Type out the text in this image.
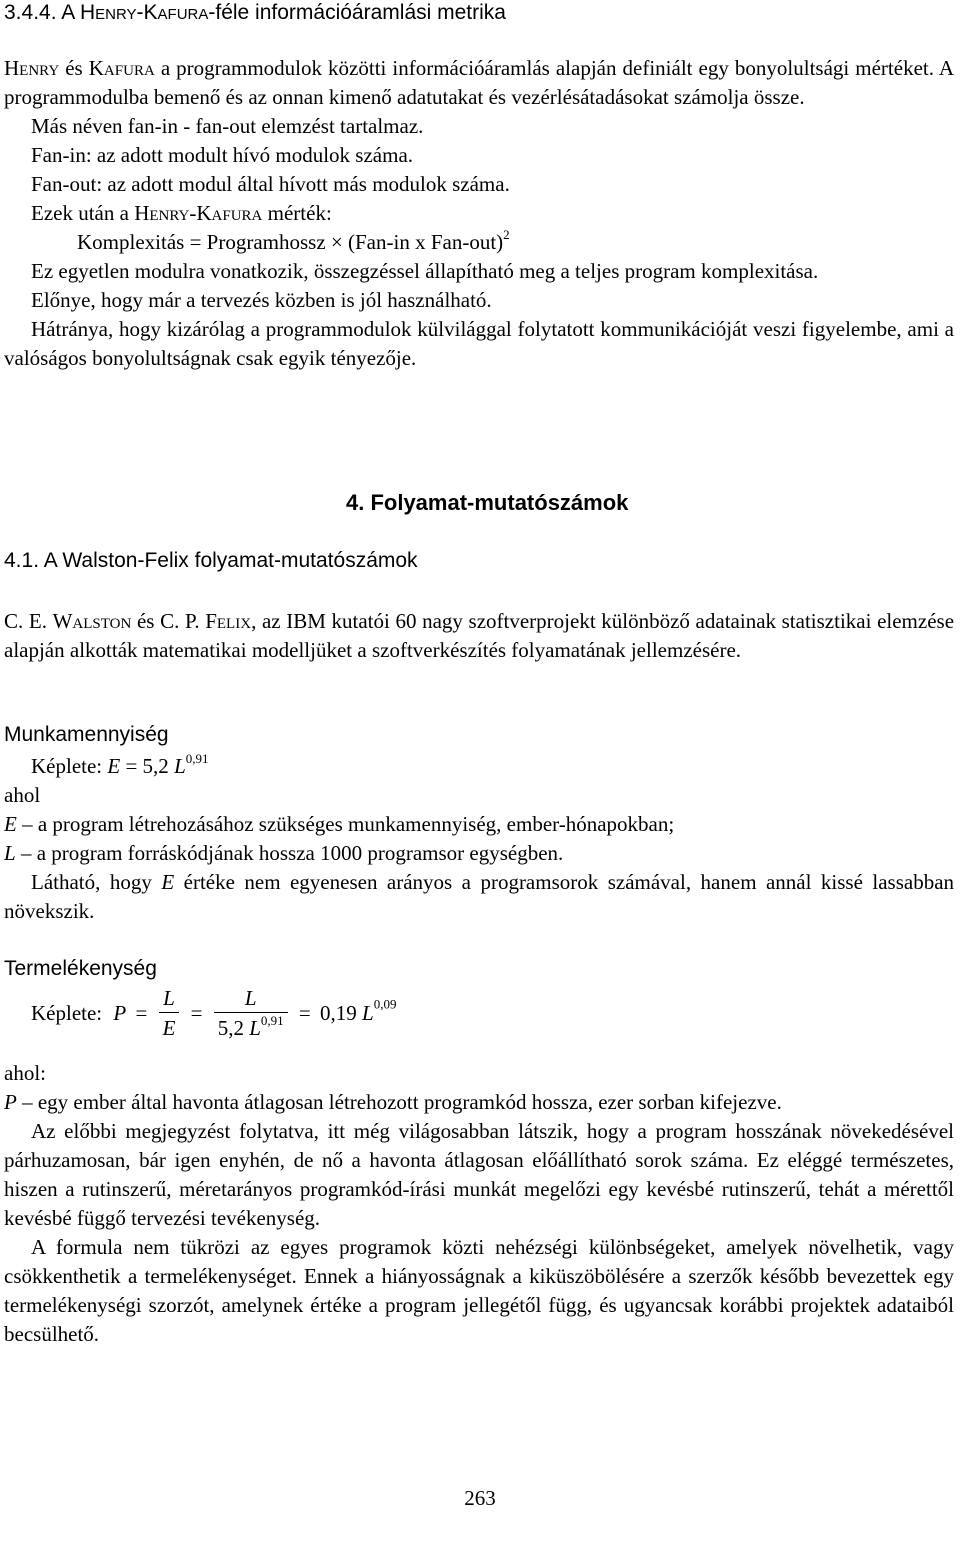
3.4.4. A Henry-Kafura-féle információáramlási metrika
Henry és Kafura a programmodulok közötti információáramlás alapján definiált egy bonyolultsági mértéket. A programmodulba bemenő és az onnan kimenő adatutakat és vezérlésátadásokat számolja össze.
Más néven fan-in - fan-out elemzést tartalmaz.
Fan-in: az adott modult hívó modulok száma.
Fan-out: az adott modul által hívott más modulok száma.
Ezek után a Henry-Kafura mérték:
Komplexitás = Programhossz × (Fan-in x Fan-out)$^2$
Ez egyetlen modulra vonatkozik, összegzéssel állapítható meg a teljes program komplexitása.
Előnye, hogy már a tervezés közben is jól használható.
Hátránya, hogy kizárólag a programmodulok külvilággal folytatott kommunikációját veszi figyelembe, ami a valóságos bonyolultságnak csak egyik tényezője.
4. Folyamat-mutatószámok
4.1. A Walston-Felix folyamat-mutatószámok
C. E. Walston és C. P. Felix, az IBM kutatói 60 nagy szoftverprojekt különböző adatainak statisztikai elemzése alapján alkották matematikai modelljüket a szoftverkészítés folyamatának jellemzésére.
Munkamennyiség
Képlete: E = 5,2 L$^{0,91}$
ahol
E – a program létrehozásához szükséges munkamennyiség, ember-hónapokban;
L – a program forráskódjának hossza 1000 programsor egységben.
Látható, hogy E értéke nem egyenesen arányos a programsorok számával, hanem annál kissé lassabban növekszik.
Termelékenység
Képlete: $P = \frac{L}{E} = \frac{L}{5,2 L^{0,91}} = 0,19$ L$^{0,09}$
ahol:
P – egy ember által havonta átlagosan létrehozott programkód hossza, ezer sorban kifejezve.
Az előbbi megjegyzést folytatva, itt még világosabban látszik, hogy a program hosszának növekedésével párhuzamosan, bár igen enyhén, de nő a havonta átlagosan előállítható sorok száma. Ez eléggé természetes, hiszen a rutinszerű, méretarányos programkód-írási munkát megelőzi egy kevésbé rutinszerű, tehát a mérettől kevésbé függő tervezési tevékenység.
A formula nem tükrözi az egyes programok közti nehézségi különbségeket, amelyek növelhetik, vagy csökkenthetik a termelékenységet. Ennek a hiányosságnak a kiküszöbölésére a szerzők később bevezettek egy termelékenységi szorzót, amelynek értéke a program jellegétől függ, és ugyancsak korábbi projektek adataiból becsülhető.
263
